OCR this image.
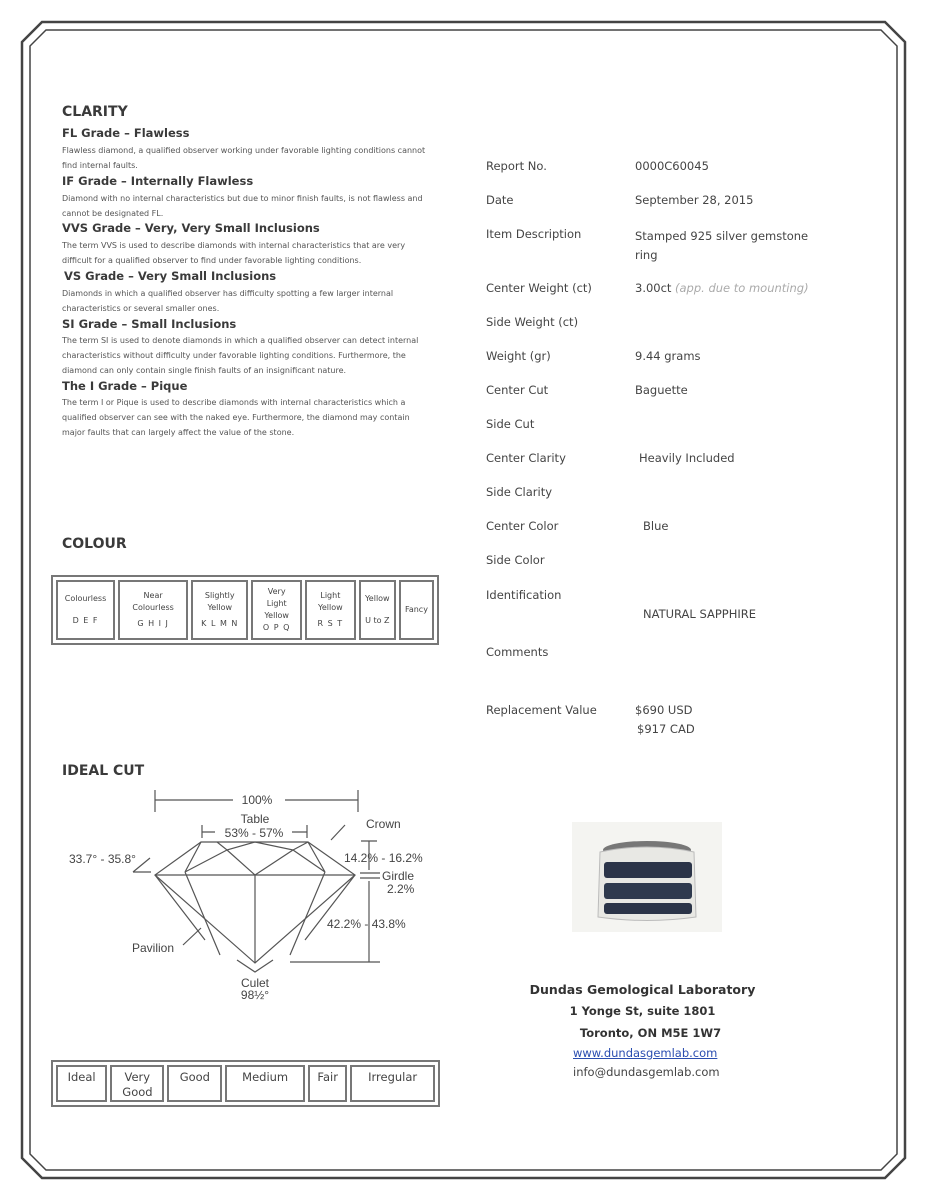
CLARITY
FL Grade – Flawless
Flawless diamond, a qualified observer working under favorable lighting conditions cannot find internal faults.
IF Grade – Internally Flawless
Diamond with no internal characteristics but due to minor finish faults, is not flawless and cannot be designated FL.
VVS Grade – Very, Very Small Inclusions
The term VVS is used to describe diamonds with internal characteristics that are very difficult for a qualified observer to find under favorable lighting conditions.
VS Grade – Very Small Inclusions
Diamonds in which a qualified observer has difficulty spotting a few larger internal characteristics or several smaller ones.
SI Grade – Small Inclusions
The term SI is used to denote diamonds in which a qualified observer can detect internal characteristics without difficulty under favorable lighting conditions. Furthermore, the diamond can only contain single finish faults of an insignificant nature.
The I Grade – Pique
The term I or Pique is used to describe diamonds with internal characteristics which a qualified observer can see with the naked eye. Furthermore, the diamond may contain major faults that can largely affect the value of the stone.
COLOUR
Colourless
D E F

Near Colourless
G H I J

Slightly Yellow
K L M N

Very Light Yellow
O P Q

Light Yellow
R S T

Yellow
U to Z

Fancy
IDEAL CUT
100%
Table
53% - 57%
Crown
33.7° - 35.8°	14.2% - 16.2%
Girdle
2.2%
42.2% - 43.8%
Pavilion
Culet
98½°
Ideal	Very Good
	Good	Medium	Fair	Irregular
Report No.	0000C60045
Date	September 28, 2015
Item Description	Stamped 925 silver gemstone ring
Center Weight (ct)	3.00ct (app. due to mounting)
Side Weight (ct)
Weight (gr)	9.44 grams
Center Cut	Baguette
Side Cut
Center Clarity	Heavily Included
Side Clarity
Center Color	Blue
Side Color
Identification
NATURAL SAPPHIRE
Comments
Replacement Value	$690 USD
$917 CAD
Dundas Gemological Laboratory
1 Yonge St, suite 1801
Toronto, ON M5E 1W7
www.dundasgemlab.com
info@dundasgemlab.com
